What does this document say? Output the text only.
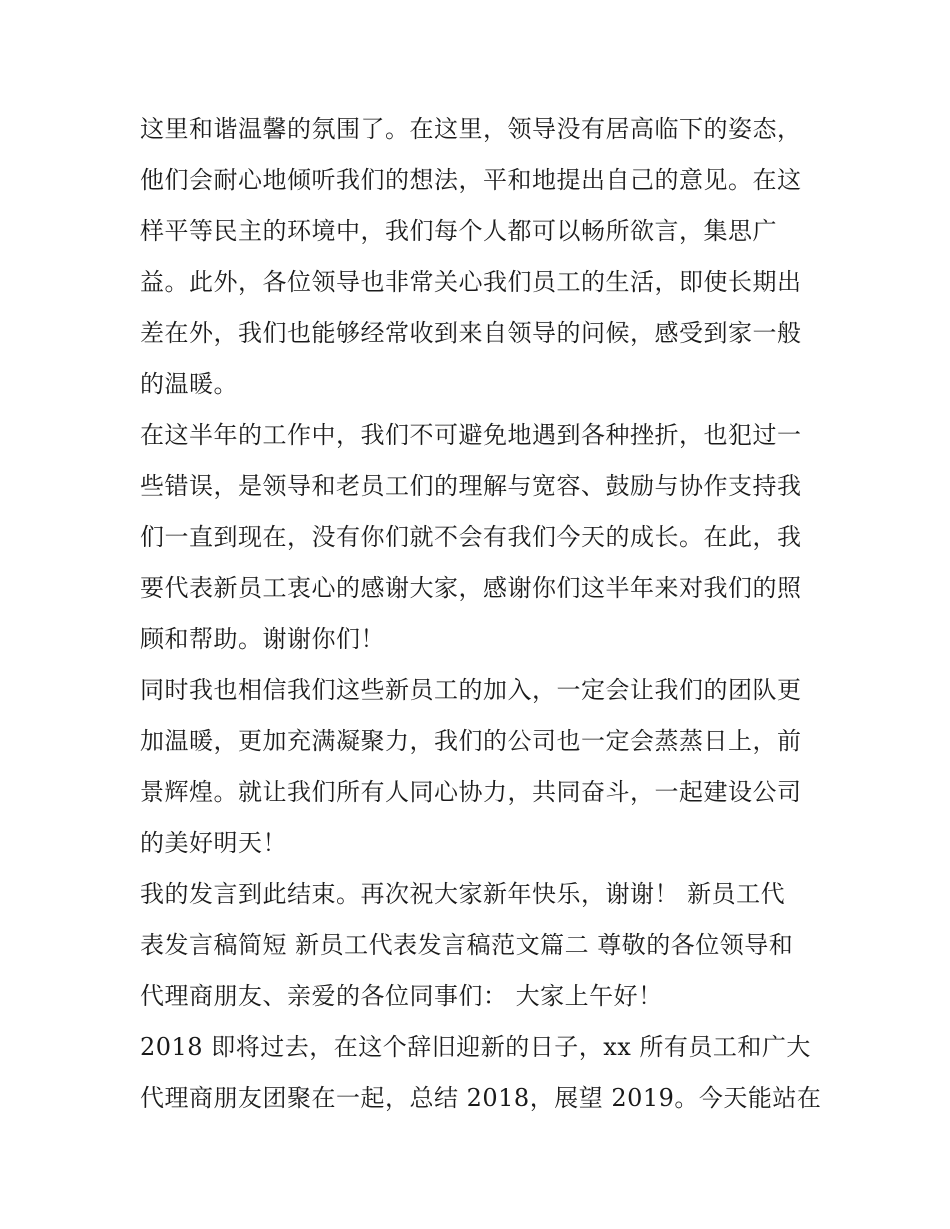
这里和谐温馨的氛围了。在这里，领导没有居高临下的姿态，
他们会耐心地倾听我们的想法，平和地提出自己的意见。在这
样平等民主的环境中，我们每个人都可以畅所欲言，集思广
益。此外，各位领导也非常关心我们员工的生活，即使长期出
差在外，我们也能够经常收到来自领导的问候，感受到家一般
的温暖。
在这半年的工作中，我们不可避免地遇到各种挫折，也犯过一
些错误，是领导和老员工们的理解与宽容、鼓励与协作支持我
们一直到现在，没有你们就不会有我们今天的成长。在此，我
要代表新员工衷心的感谢大家，感谢你们这半年来对我们的照
顾和帮助。谢谢你们！
同时我也相信我们这些新员工的加入，一定会让我们的团队更
加温暖，更加充满凝聚力，我们的公司也一定会蒸蒸日上，前
景辉煌。就让我们所有人同心协力，共同奋斗，一起建设公司
的美好明天！
我的发言到此结束。再次祝大家新年快乐，谢谢！ 新员工代
表发言稿简短 新员工代表发言稿范文篇二 尊敬的各位领导和
代理商朋友、亲爱的各位同事们： 大家上午好！
2018 即将过去，在这个辞旧迎新的日子，xx 所有员工和广大
代理商朋友团聚在一起，总结 2018，展望 2019。今天能站在
